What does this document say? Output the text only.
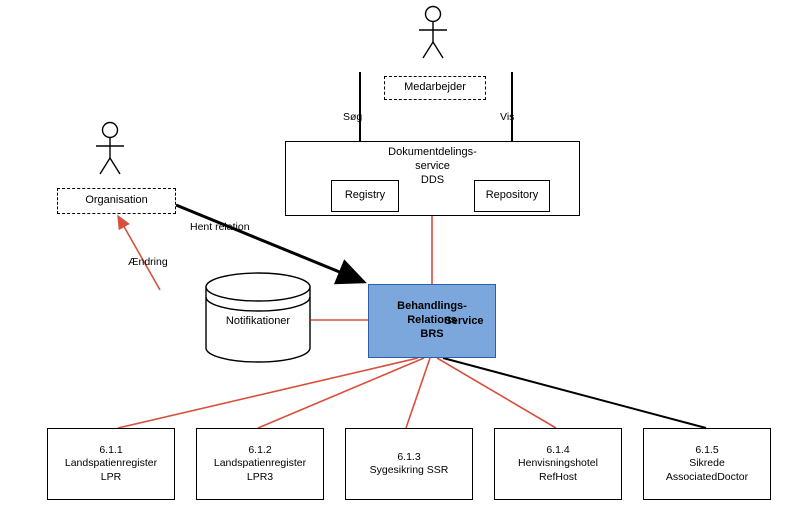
Medarbejder
Organisation
Dokumentdelings-
service
DDS
Registry	Repository
Notifikationer
Behandlings-
Relations
Service
BRS
Søg	Vis
Hent relation
Ændring
6.1.1
Landspatienregister
LPR
6.1.2
Landspatienregister
LPR3
6.1.3
Sygesikring SSR
6.1.4
Henvisningshotel
RefHost
6.1.5
Sikrede
AssociatedDoctor
